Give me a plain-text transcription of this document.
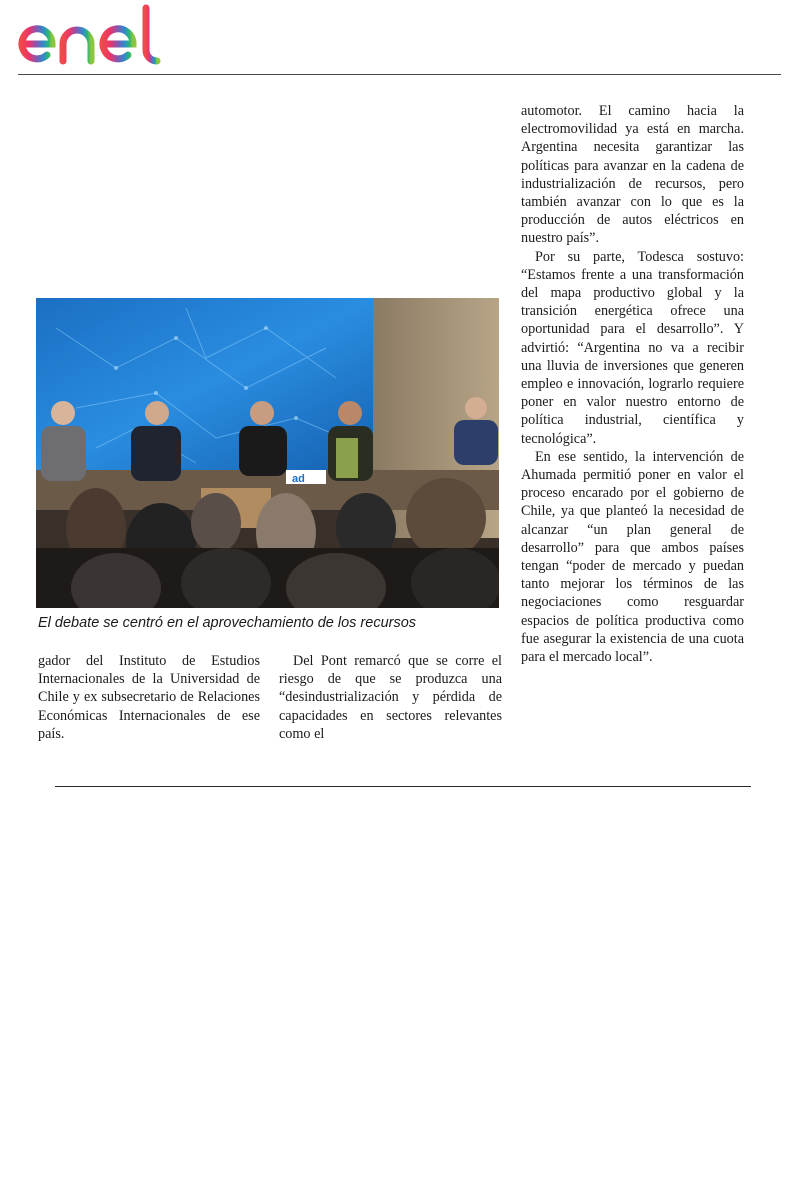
ad
El debate se centró en el aprovechamiento de los recursos

gador del Instituto de Estudios Internacionales de la Universidad de Chile y ex subsecretario de Relaciones Económicas Internacionales de ese país.

Del Pont remarcó que se corre el riesgo de que se produzca una “desindustrialización y pérdida de capacidades en sectores relevantes como el

automotor. El camino hacia la electromovilidad ya está en marcha. Argentina necesita garantizar las políticas para avanzar en la cadena de industrialización de recursos, pero también avanzar con lo que es la producción de autos eléctricos en nuestro país”.

Por su parte, Todesca sostuvo: “Estamos frente a una transformación del mapa productivo global y la transición energética ofrece una oportunidad para el desarrollo”. Y advirtió: “Argentina no va a recibir una lluvia de inversiones que generen empleo e innovación, lograrlo requiere poner en valor nuestro entorno de política industrial, científica y tecnológica”.

En ese sentido, la intervención de Ahumada permitió poner en valor el proceso encarado por el gobierno de Chile, ya que planteó la necesidad de alcanzar “un plan general de desarrollo” para que ambos países tengan “poder de mercado y puedan tanto mejorar los términos de las negociaciones como resguardar espacios de política productiva como fue asegurar la existencia de una cuota para el mercado local”.
